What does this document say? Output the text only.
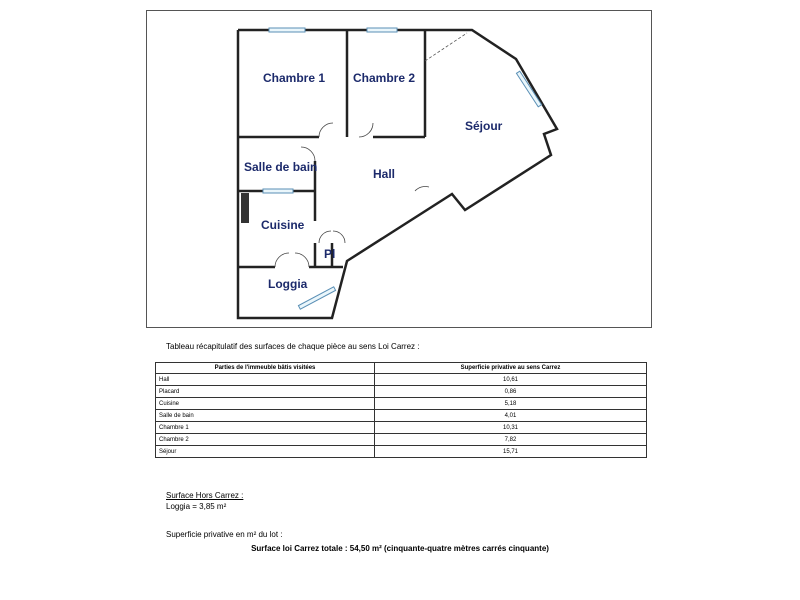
Chambre 1 Chambre 2
Séjour
Salle de bain	Hall
Cuisine
Pl
Loggia
Tableau récapitulatif des surfaces de chaque pièce au sens Loi Carrez :
Parties de l'immeuble bâtis visitées	Superficie privative au sens Carrez
Hall	10,61
Placard	0,86
Cuisine	5,18
Salle de bain	4,01
Chambre 1	10,31
Chambre 2	7,82
Séjour	15,71
Surface Hors Carrez :
Loggia = 3,85 m²
Superficie privative en m² du lot :
Surface loi Carrez totale : 54,50 m² (cinquante-quatre mètres carrés cinquante)
